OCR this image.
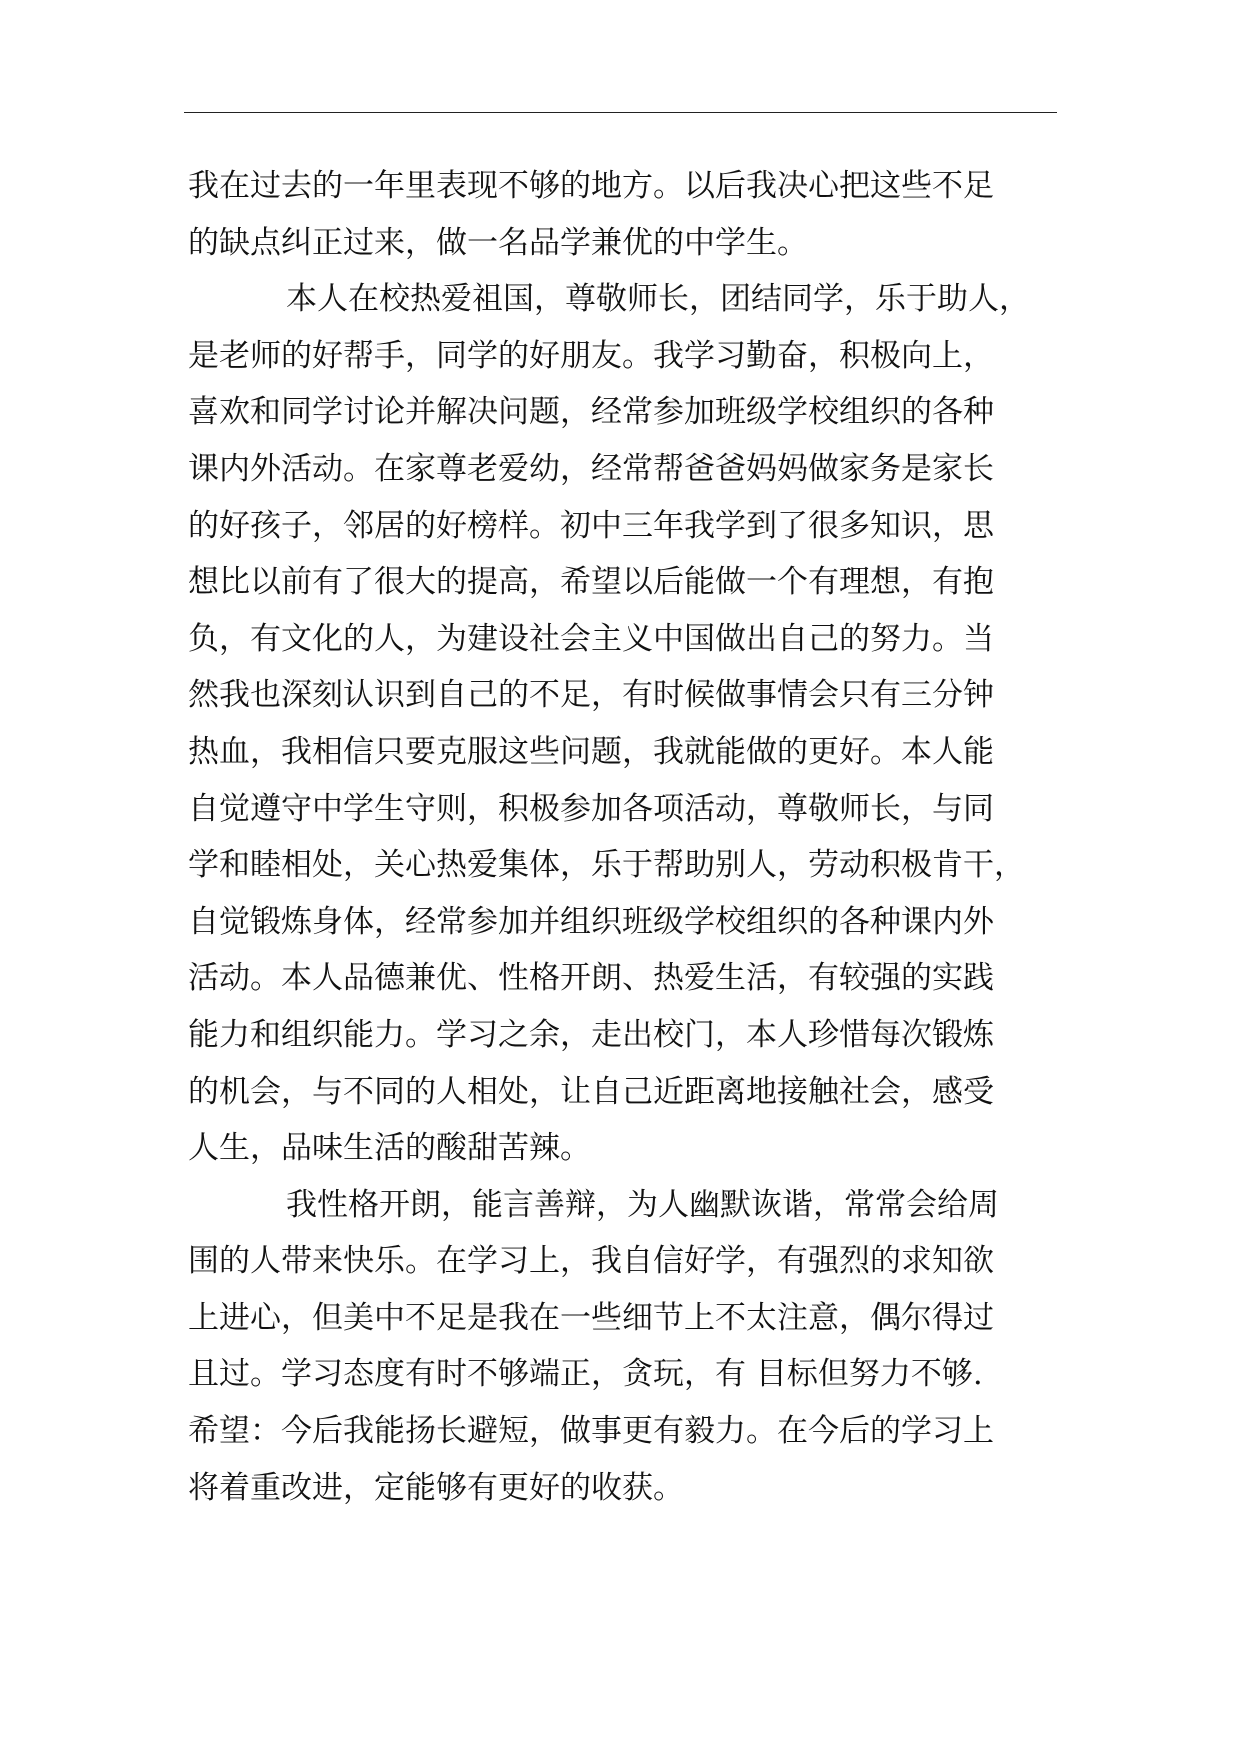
我在过去的一年里表现不够的地方。以后我决心把这些不足
的缺点纠正过来，做一名品学兼优的中学生。
本人在校热爱祖国，尊敬师长，团结同学，乐于助人，
是老师的好帮手，同学的好朋友。我学习勤奋，积极向上，
喜欢和同学讨论并解决问题，经常参加班级学校组织的各种
课内外活动。在家尊老爱幼，经常帮爸爸妈妈做家务是家长
的好孩子，邻居的好榜样。初中三年我学到了很多知识，思
想比以前有了很大的提高，希望以后能做一个有理想，有抱
负，有文化的人，为建设社会主义中国做出自己的努力。当
然我也深刻认识到自己的不足，有时候做事情会只有三分钟
热血，我相信只要克服这些问题，我就能做的更好。本人能
自觉遵守中学生守则，积极参加各项活动，尊敬师长，与同
学和睦相处，关心热爱集体，乐于帮助别人，劳动积极肯干，
自觉锻炼身体，经常参加并组织班级学校组织的各种课内外
活动。本人品德兼优、性格开朗、热爱生活，有较强的实践
能力和组织能力。学习之余，走出校门，本人珍惜每次锻炼
的机会，与不同的人相处，让自己近距离地接触社会，感受
人生，品味生活的酸甜苦辣。
我性格开朗，能言善辩，为人幽默诙谐，常常会给周
围的人带来快乐。在学习上，我自信好学，有强烈的求知欲
上进心，但美中不足是我在一些细节上不太注意，偶尔得过
且过。学习态度有时不够端正，贪玩，有 目标但努力不够.
希望：今后我能扬长避短，做事更有毅力。在今后的学习上
将着重改进，定能够有更好的收获。
